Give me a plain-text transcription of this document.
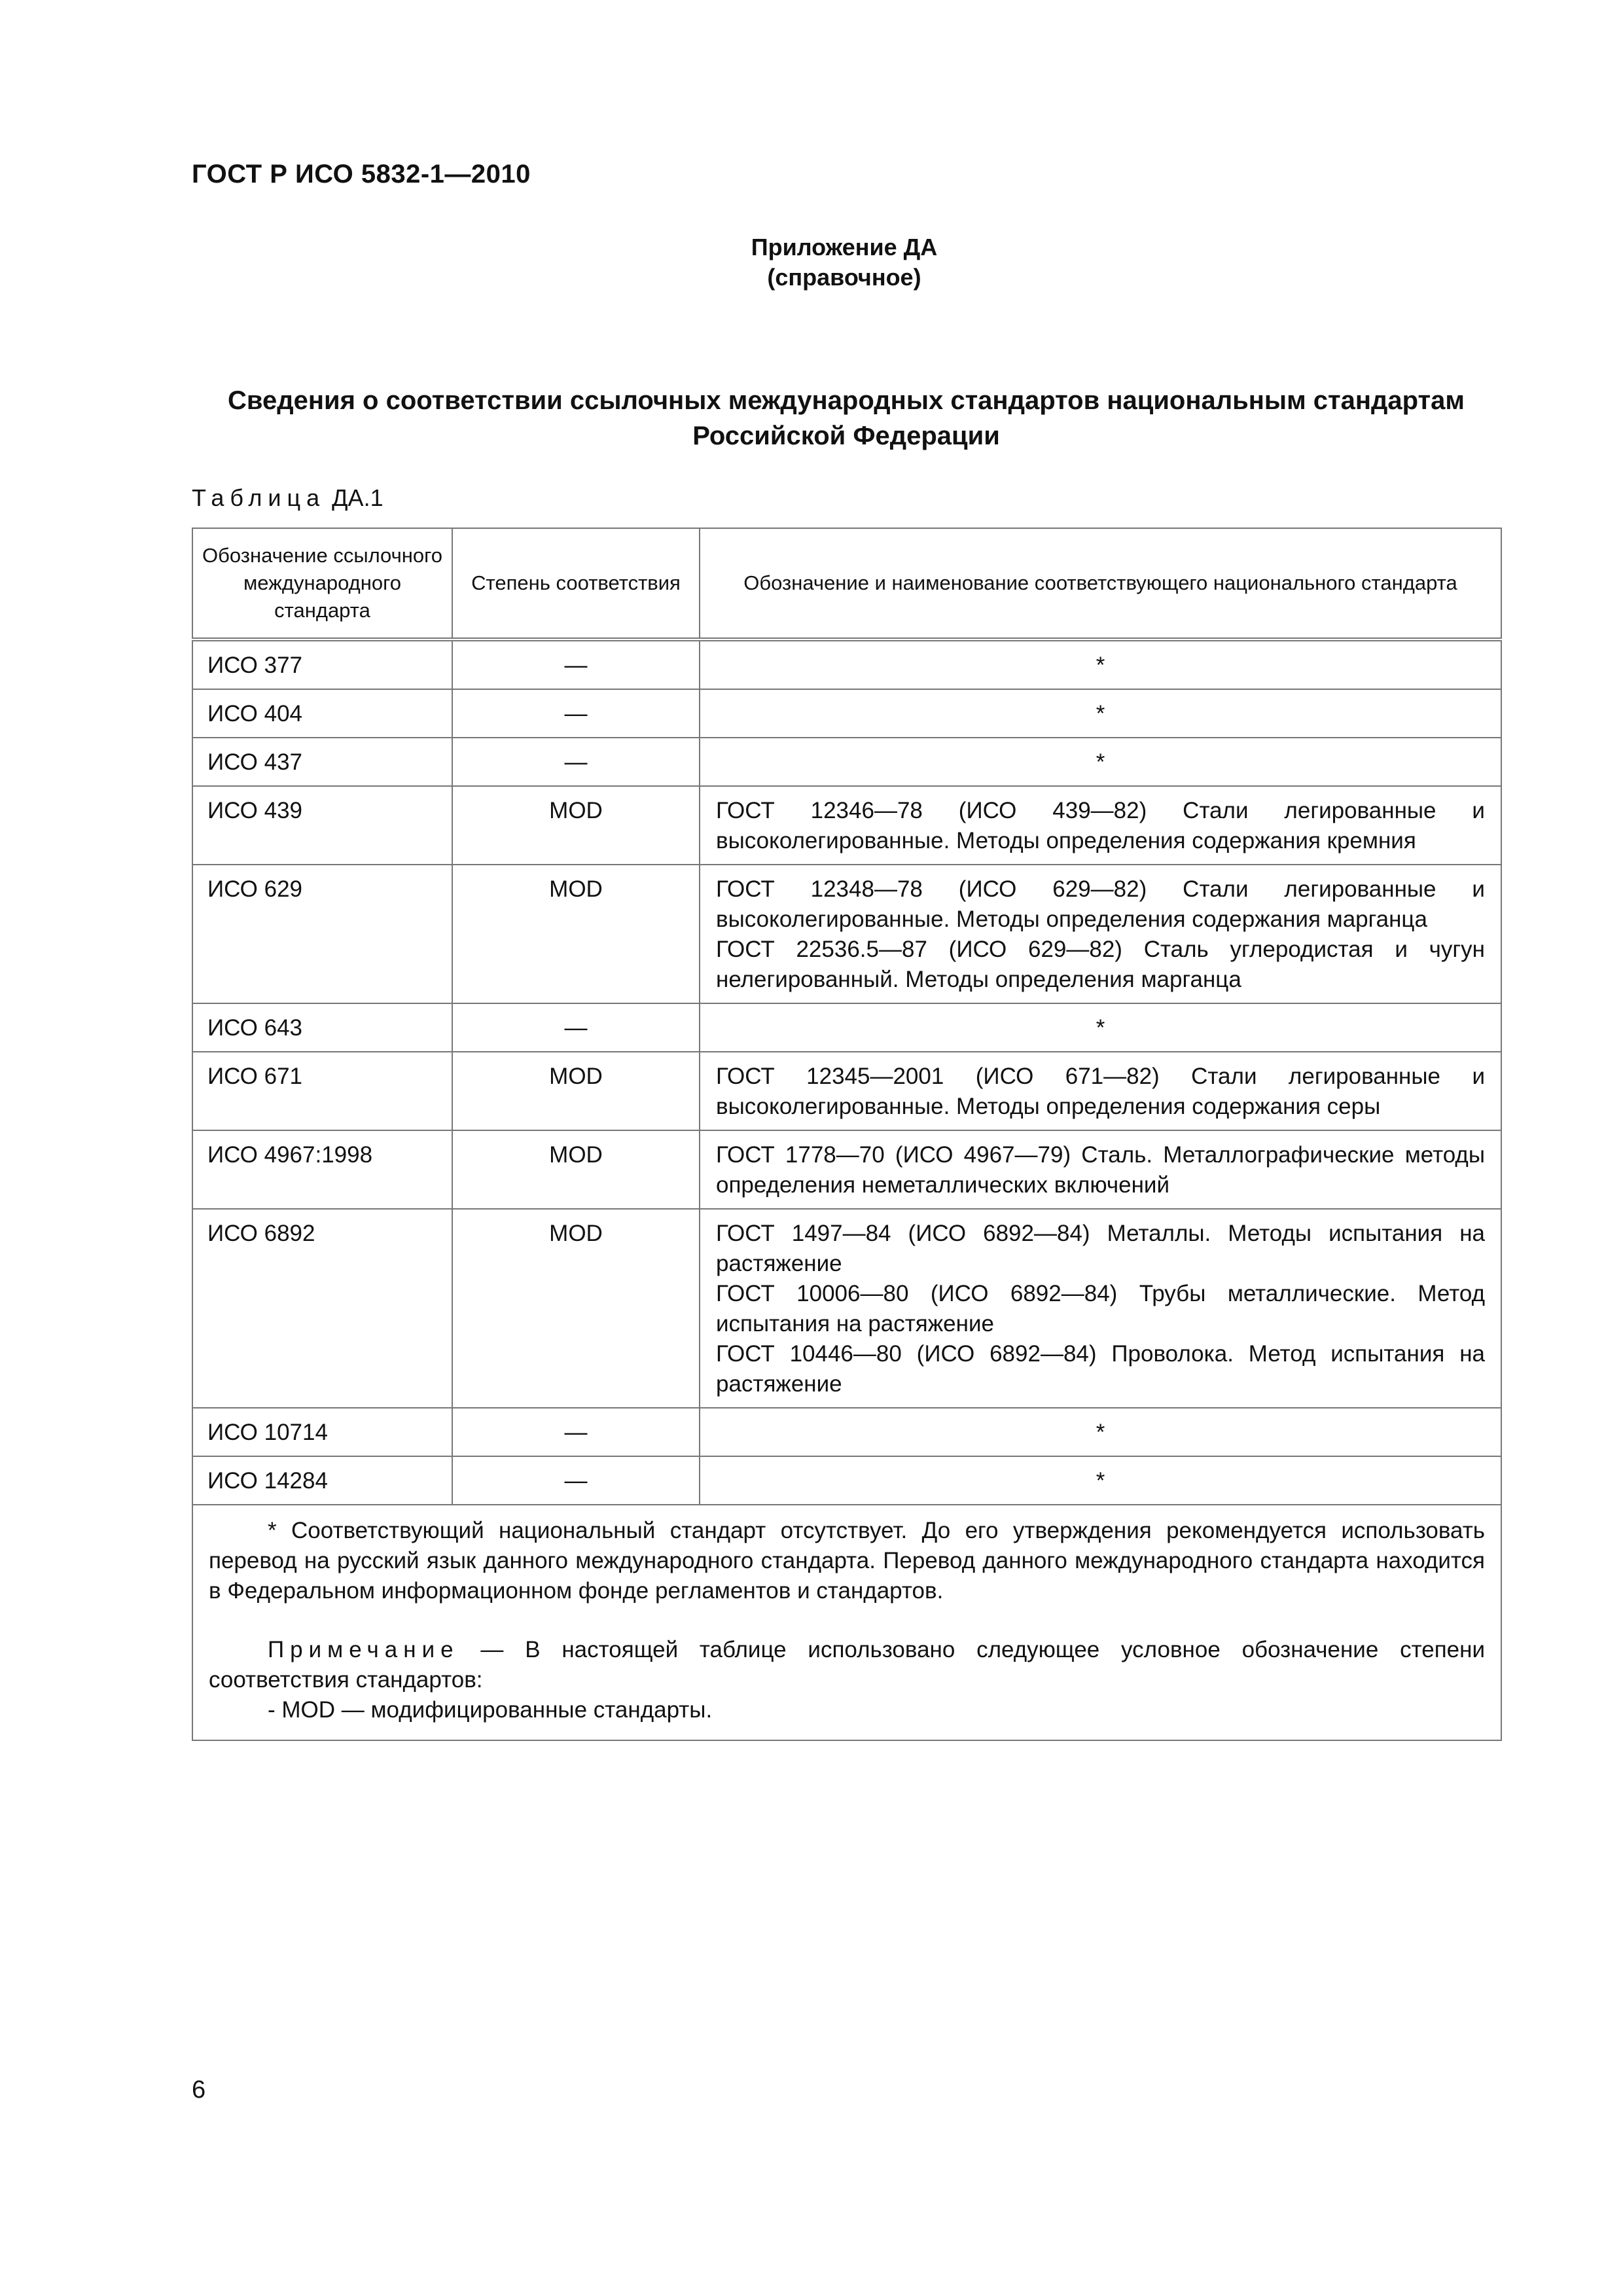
ГОСТ Р ИСО 5832-1—2010
Приложение ДА
(справочное)
Сведения о соответствии ссылочных международных стандартов национальным стандартам
Российской Федерации
Таблица ДА.1
Обозначение ссылочного международного стандарта	Степень соответствия	Обозначение и наименование соответствующего национального стандарта
ИСО 377	—	*

ИСО 404	—	*

ИСО 437	—	*

ИСО 439	MOD	ГОСТ 12346—78 (ИСО 439—82) Стали легированные и высоколегированные. Методы определения содержания кремния

ИСО 629	MOD	ГОСТ 12348—78 (ИСО 629—82) Стали легированные и высоколегированные. Методы определения содержания марганца
ГОСТ 22536.5—87 (ИСО 629—82) Сталь углеродистая и чугун нелегированный. Методы определения марганца

ИСО 643	—	*

ИСО 671	MOD	ГОСТ 12345—2001 (ИСО 671—82) Стали легированные и высоколегированные. Методы определения содержания серы

ИСО 4967:1998	MOD	ГОСТ 1778—70 (ИСО 4967—79) Сталь. Металлографические методы определения неметаллических включений

ИСО 6892	MOD	ГОСТ 1497—84 (ИСО 6892—84) Металлы. Методы испытания на растяжение
ГОСТ 10006—80 (ИСО 6892—84) Трубы металлические. Метод испытания на растяжение
ГОСТ 10446—80 (ИСО 6892—84) Проволока. Метод испытания на растяжение

ИСО 10714	—	*

ИСО 14284	—	*

* Соответствующий национальный стандарт отсутствует. До его утверждения рекомендуется использовать перевод на русский язык данного международного стандарта. Перевод данного международного стандарта находится в Федеральном информационном фонде регламентов и стандартов.

Примечание — В настоящей таблице использовано следующее условное обозначение степени соответствия стандартов:

- MOD — модифицированные стандарты.		

6
